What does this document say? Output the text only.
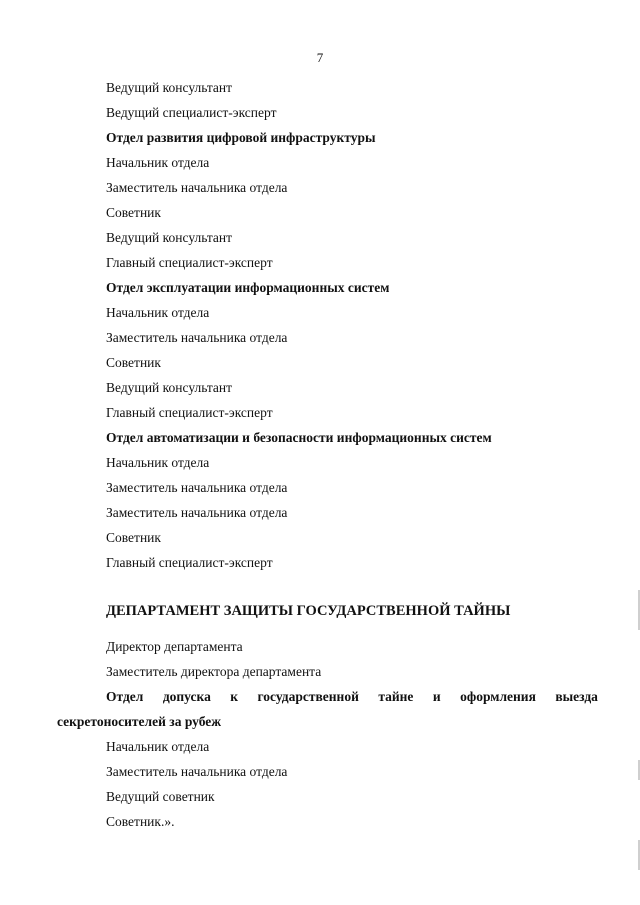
7
Ведущий консультант
Ведущий специалист-эксперт
Отдел развития цифровой инфраструктуры
Начальник отдела
Заместитель начальника отдела
Советник
Ведущий консультант
Главный специалист-эксперт
Отдел эксплуатации информационных систем
Начальник отдела
Заместитель начальника отдела
Советник
Ведущий консультант
Главный специалист-эксперт
Отдел автоматизации и безопасности информационных систем
Начальник отдела
Заместитель начальника отдела
Заместитель начальника отдела
Советник
Главный специалист-эксперт
ДЕПАРТАМЕНТ ЗАЩИТЫ ГОСУДАРСТВЕННОЙ ТАЙНЫ
Директор департамента
Заместитель директора департамента
Отдел допуска к государственной тайне и оформления выезда
секретоносителей за рубеж
Начальник отдела
Заместитель начальника отдела
Ведущий советник
Советник.».
